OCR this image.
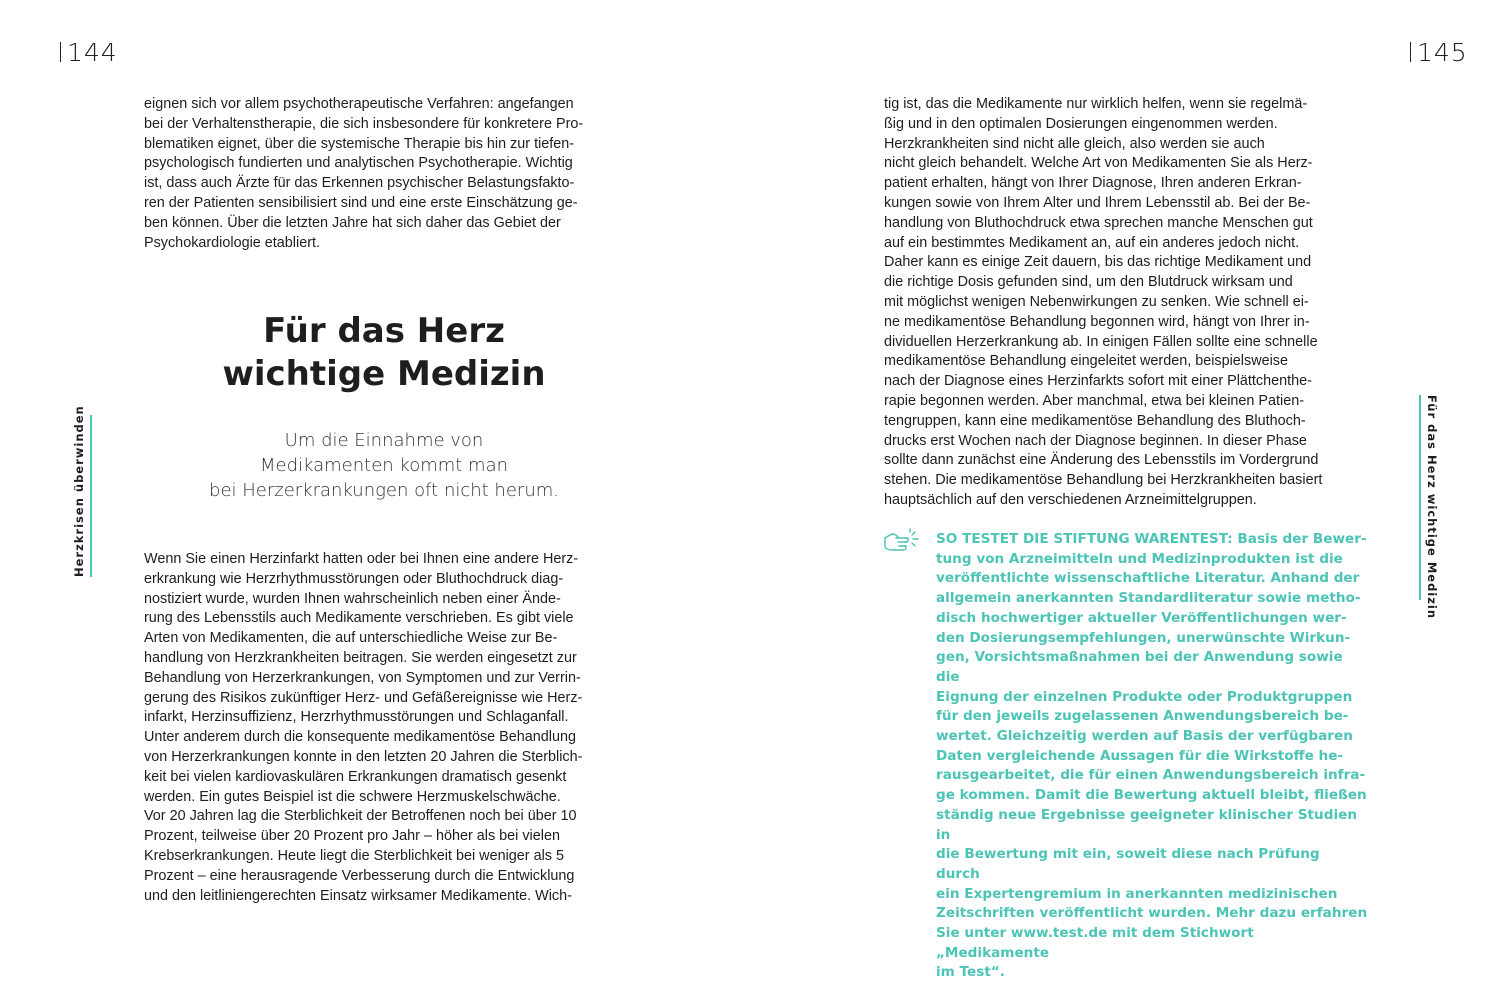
144	145
Herzkrisen überwinden	Für das Herz wichtige Medizin

eignen sich vor allem psychotherapeutische Verfahren: angefangen
bei der Verhaltenstherapie, die sich insbesondere für konkretere Pro-
blematiken eignet, über die systemische Therapie bis hin zur tiefen-
psychologisch fundierten und analytischen Psychotherapie. Wichtig
ist, dass auch Ärzte für das Erkennen psychischer Belastungsfakto-
ren der Patienten sensibilisiert sind und eine erste Einschätzung ge-
ben können. Über die letzten Jahre hat sich daher das Gebiet der
Psychokardiologie etabliert.

Für das Herz
wichtige Medizin
Um die Einnahme von
Medikamenten kommt man
bei Herzerkrankungen oft nicht herum.

Wenn Sie einen Herzinfarkt hatten oder bei Ihnen eine andere Herz-
erkrankung wie Herzrhythmusstörungen oder Bluthochdruck diag-
nostiziert wurde, wurden Ihnen wahrscheinlich neben einer Ände-
rung des Lebensstils auch Medikamente verschrieben. Es gibt viele
Arten von Medikamenten, die auf unterschiedliche Weise zur Be-
handlung von Herzkrankheiten beitragen. Sie werden eingesetzt zur
Behandlung von Herzerkrankungen, von Symptomen und zur Verrin-
gerung des Risikos zukünftiger Herz- und Gefäßereignisse wie Herz-
infarkt, Herzinsuffizienz, Herzrhythmusstörungen und Schlaganfall.
Unter anderem durch die konsequente medikamentöse Behandlung
von Herzerkrankungen konnte in den letzten 20 Jahren die Sterblich-
keit bei vielen kardiovaskulären Erkrankungen dramatisch gesenkt
werden. Ein gutes Beispiel ist die schwere Herzmuskelschwäche.
Vor 20 Jahren lag die Sterblichkeit der Betroffenen noch bei über 10
Prozent, teilweise über 20 Prozent pro Jahr – höher als bei vielen
Krebserkrankungen. Heute liegt die Sterblichkeit bei weniger als 5
Prozent – eine herausragende Verbesserung durch die Entwicklung
und den leitliniengerechten Einsatz wirksamer Medikamente. Wich-

tig ist, das die Medikamente nur wirklich helfen, wenn sie regelmä-
ßig und in den optimalen Dosierungen eingenommen werden.
Herzkrankheiten sind nicht alle gleich, also werden sie auch
nicht gleich behandelt. Welche Art von Medikamenten Sie als Herz-
patient erhalten, hängt von Ihrer Diagnose, Ihren anderen Erkran-
kungen sowie von Ihrem Alter und Ihrem Lebensstil ab. Bei der Be-
handlung von Bluthochdruck etwa sprechen manche Menschen gut
auf ein bestimmtes Medikament an, auf ein anderes jedoch nicht.
Daher kann es einige Zeit dauern, bis das richtige Medikament und
die richtige Dosis gefunden sind, um den Blutdruck wirksam und
mit möglichst wenigen Nebenwirkungen zu senken. Wie schnell ei-
ne medikamentöse Behandlung begonnen wird, hängt von Ihrer in-
dividuellen Herzerkrankung ab. In einigen Fällen sollte eine schnelle
medikamentöse Behandlung eingeleitet werden, beispielsweise
nach der Diagnose eines Herzinfarkts sofort mit einer Plättchenthe-
rapie begonnen werden. Aber manchmal, etwa bei kleinen Patien-
tengruppen, kann eine medikamentöse Behandlung des Bluthoch-
drucks erst Wochen nach der Diagnose beginnen. In dieser Phase
sollte dann zunächst eine Änderung des Lebensstils im Vordergrund
stehen. Die medikamentöse Behandlung bei Herzkrankheiten basiert
hauptsächlich auf den verschiedenen Arzneimittelgruppen.

SO TESTET DIE STIFTUNG WARENTEST: Basis der Bewer-
tung von Arzneimitteln und Medizinprodukten ist die
veröffentlichte wissenschaftliche Literatur. Anhand der
allgemein anerkannten Standardliteratur sowie metho-
disch hochwertiger aktueller Veröffentlichungen wer-
den Dosierungsempfehlungen, unerwünschte Wirkun-
gen, Vorsichtsmaßnahmen bei der Anwendung sowie die
Eignung der einzelnen Produkte oder Produktgruppen
für den jeweils zugelassenen Anwendungsbereich be-
wertet. Gleichzeitig werden auf Basis der verfügbaren
Daten vergleichende Aussagen für die Wirkstoffe he-
rausgearbeitet, die für einen Anwendungsbereich infra-
ge kommen. Damit die Bewertung aktuell bleibt, fließen
ständig neue Ergebnisse geeigneter klinischer Studien in
die Bewertung mit ein, soweit diese nach Prüfung durch
ein Expertengremium in anerkannten medizinischen
Zeitschriften veröffentlicht wurden. Mehr dazu erfahren
Sie unter www.test.de mit dem Stichwort „Medikamente
im Test“.
